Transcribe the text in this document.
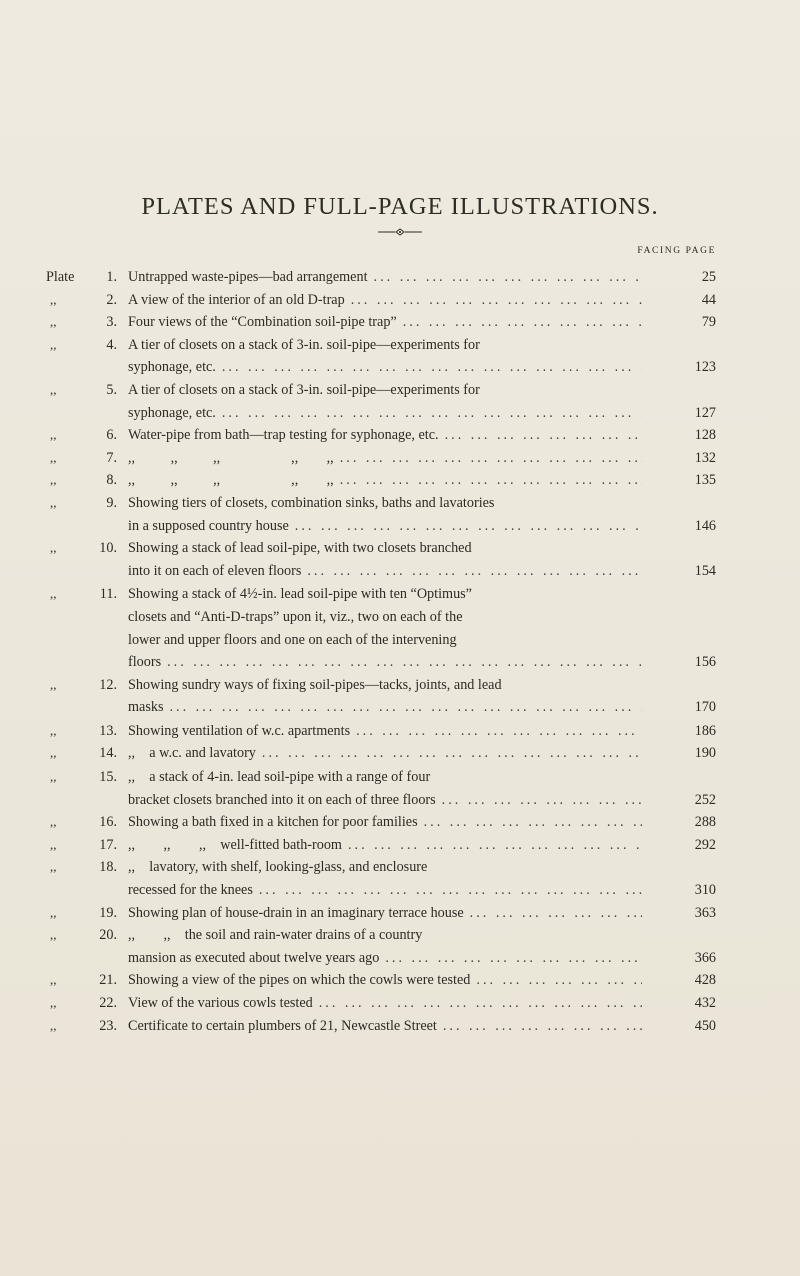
PLATES AND FULL-PAGE ILLUSTRATIONS.
FACING PAGE
Plate	1. Untrapped waste-pipes—bad arrangement ... .	25
,,	2. A view of the interior of an old D-trap ... .	44
,,	3. Four views of the “Combination soil-pipe trap” ... .	79
,,	4. A tier of closets on a stack of 3-in. soil-pipe—experiments for
syphonage, etc. ... .	123
,,	5. A tier of closets on a stack of 3-in. soil-pipe—experiments for
syphonage, etc. ... .	127
,,	6. Water-pipe from bath—trap testing for syphonage, etc. ... .	128
,,	7. ,,          ,,          ,,                    ,,        ,, ... .	132
,,	8. ,,          ,,          ,,                    ,,        ,, ... .	135
,,	9. Showing tiers of closets, combination sinks, baths and lavatories
in a supposed country house ... .	146
,,	10. Showing a stack of lead soil-pipe, with two closets branched
into it on each of eleven floors ... .	154
,,	11. Showing a stack of 4½-in. lead soil-pipe with ten “Optimus”
closets and “Anti-D-traps” upon it, viz., two on each of the
lower and upper floors and one on each of the intervening
floors ... .	156
,,	12. Showing sundry ways of fixing soil-pipes—tacks, joints, and lead
masks ... .	170
,,	13. Showing ventilation of w.c. apartments ... .	186
,,	14. ,,    a w.c. and lavatory ... .	190
,,	15. ,,    a stack of 4-in. lead soil-pipe with a range of four
bracket closets branched into it on each of three floors ... .	252
,,	16. Showing a bath fixed in a kitchen for poor families ... .	288
,,	17. ,,        ,,        ,,    well-fitted bath-room ... .	292
,,	18. ,,    lavatory, with shelf, looking-glass, and enclosure
recessed for the knees ... .	310
,,	19. Showing plan of house-drain in an imaginary terrace house ... .	363
,,	20. ,,        ,,    the soil and rain-water drains of a country
mansion as executed about twelve years ago ... .	366
,,	21. Showing a view of the pipes on which the cowls were tested ... .	428
,,	22. View of the various cowls tested ... .	432
,,	23. Certificate to certain plumbers of 21, Newcastle Street ... .	450
